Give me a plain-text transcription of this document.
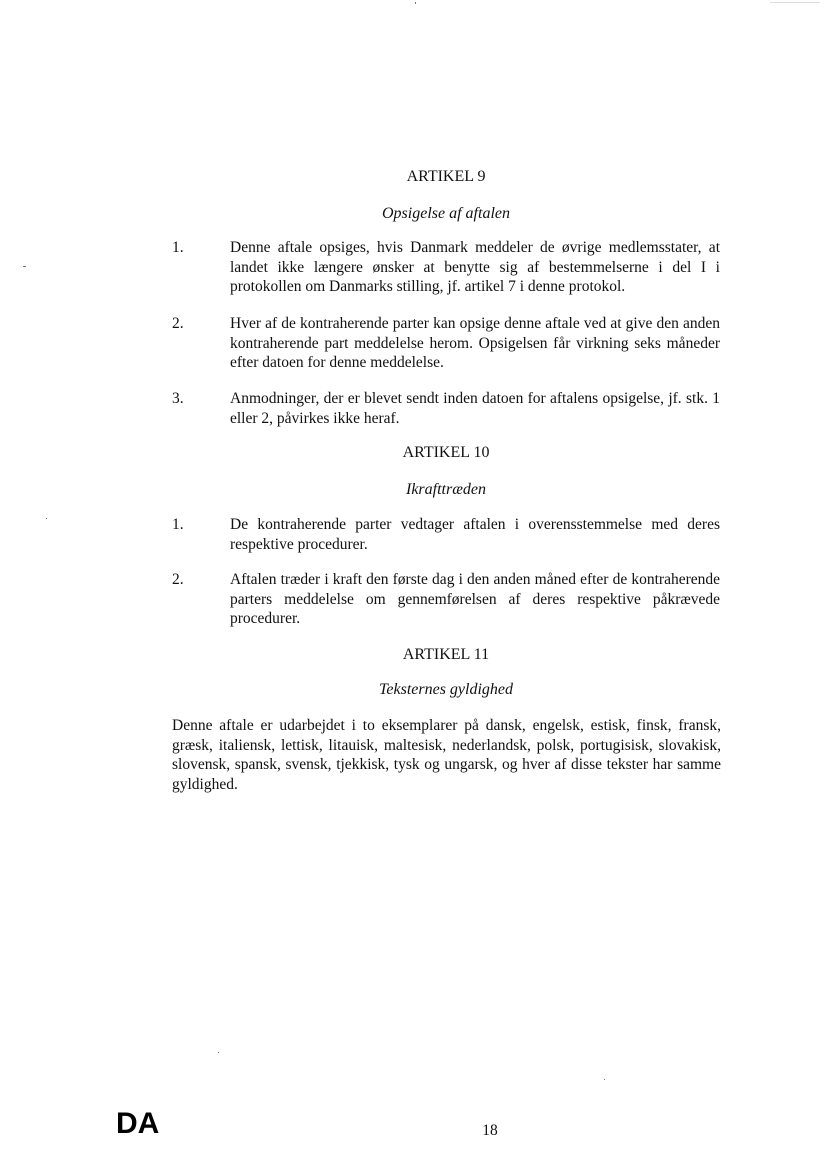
ARTIKEL 9
Opsigelse af aftalen
1.	Denne aftale opsiges, hvis Danmark meddeler de øvrige medlemsstater, at landet ikke længere ønsker at benytte sig af bestemmelserne i del I i protokollen om Danmarks stilling, jf. artikel 7 i denne protokol.
2.	Hver af de kontraherende parter kan opsige denne aftale ved at give den anden kontraherende part meddelelse herom. Opsigelsen får virkning seks måneder efter datoen for denne meddelelse.
3.	Anmodninger, der er blevet sendt inden datoen for aftalens opsigelse, jf. stk. 1 eller 2, påvirkes ikke heraf.
ARTIKEL 10
Ikrafttræden
1.	De kontraherende parter vedtager aftalen i overensstemmelse med deres respektive procedurer.
2.	Aftalen træder i kraft den første dag i den anden måned efter de kontraherende parters meddelelse om gennemførelsen af deres respektive påkrævede procedurer.
ARTIKEL 11
Teksternes gyldighed
Denne aftale er udarbejdet i to eksemplarer på dansk, engelsk, estisk, finsk, fransk, græsk, italiensk, lettisk, litauisk, maltesisk, nederlandsk, polsk, portugisisk, slovakisk, slovensk, spansk, svensk, tjekkisk, tysk og ungarsk, og hver af disse tekster har samme gyldighed.
DA	18
